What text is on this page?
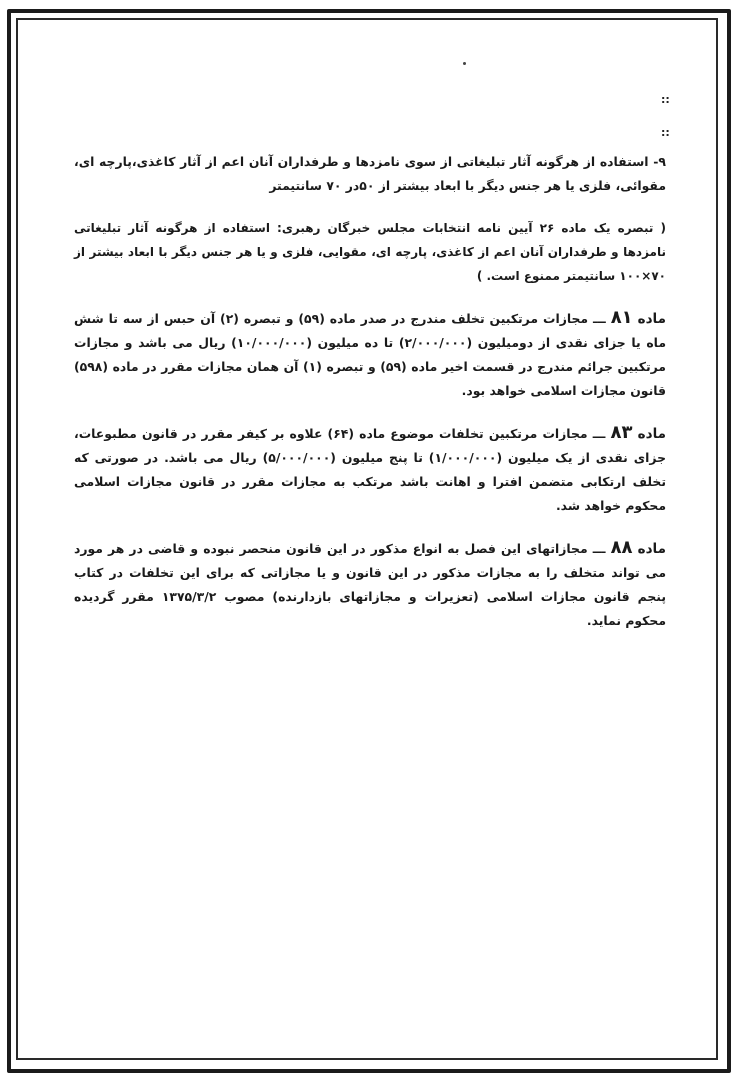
::
::

۹- استفاده از هرگونه آثار تبلیغاتی از سوی نامزدها و طرفداران آنان اعم از آثار کاغذی،پارچه ای، مقوائی، فلزی یا هر جنس دیگر با ابعاد بیشتر از ۵۰در ۷۰ سانتیمتر

( تبصره یک ماده ۲۶ آیین نامه انتخابات مجلس خبرگان رهبری: استفاده از هرگونه آثار تبلیغاتی نامزدها و طرفداران آنان اعم از کاغذی، پارچه ای، مقوایی، فلزی و یا هر جنس دیگر با ابعاد بیشتر از ۷۰×۱۰۰ سانتیمتر ممنوع است. )

ماده ۸۱ ـــ مجازات مرتکبین تخلف مندرج در صدر ماده (۵۹) و تبصره (۲) آن حبس از سه تا شش ماه یا جزای نقدی از دومیلیون (۲/۰۰۰/۰۰۰) تا ده میلیون (۱۰/۰۰۰/۰۰۰) ریال می باشد و مجازات مرتکبین جرائم مندرج در قسمت اخیر ماده (۵۹) و تبصره (۱) آن همان مجازات مقرر در ماده (۵۹۸) قانون مجازات اسلامی خواهد بود.

ماده ۸۳ ـــ مجازات مرتکبین تخلفات موضوع ماده (۶۴) علاوه بر کیفر مقرر در قانون مطبوعات، جزای نقدی از یک میلیون (۱/۰۰۰/۰۰۰) تا پنج میلیون (۵/۰۰۰/۰۰۰) ریال می باشد. در صورتی که تخلف ارتکابی متضمن افترا و اهانت باشد مرتکب به مجازات مقرر در قانون مجازات اسلامی محکوم خواهد شد.

ماده ۸۸ ـــ مجازاتهای این فصل به انواع مذکور در این قانون منحصر نبوده و قاضی در هر مورد می تواند متخلف را به مجازات مذکور در این قانون و یا مجازاتی که برای این تخلفات در کتاب پنجم قانون مجازات اسلامی (تعزیرات و مجازاتهای بازدارنده) مصوب ۱۳۷۵/۳/۲ مقرر گردیده محکوم نماید.
